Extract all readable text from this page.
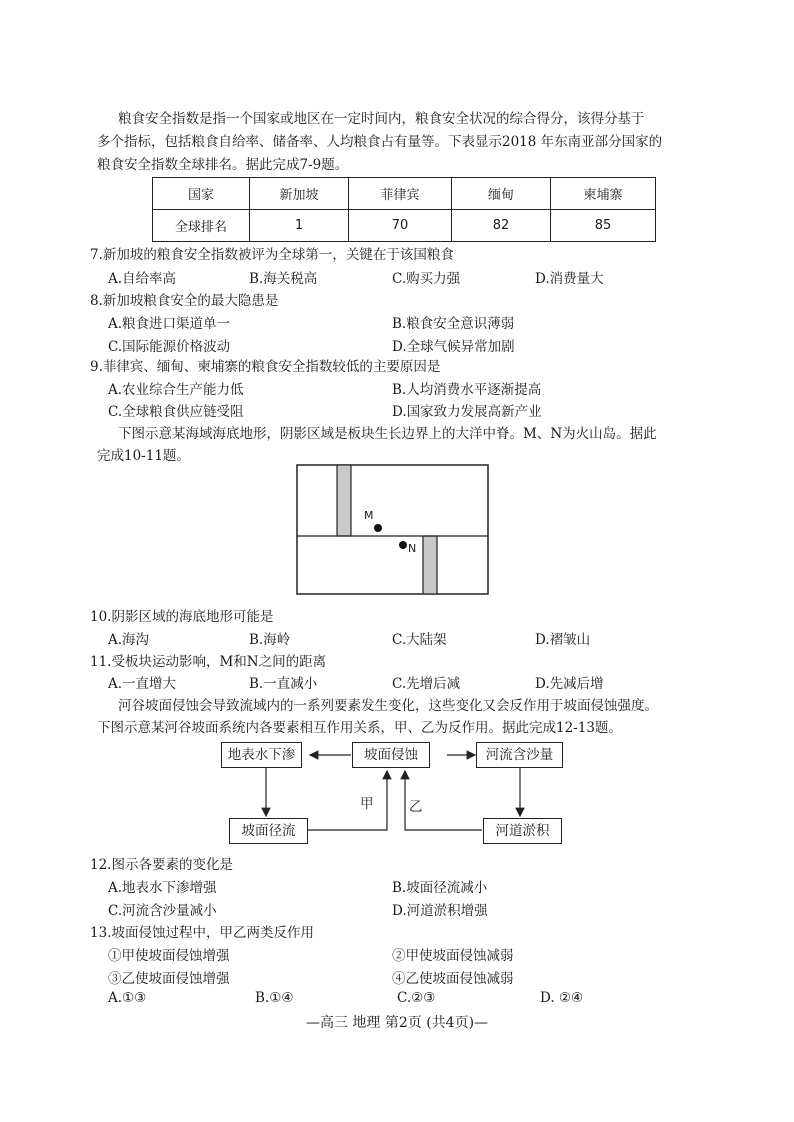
粮食安全指数是指一个国家或地区在一定时间内，粮食安全状况的综合得分，该得分基于
多个指标，包括粮食自给率、储备率、人均粮食占有量等。下表显示2018 年东南亚部分国家的
粮食安全指数全球排名。据此完成7-9题。
国家	新加坡	菲律宾	缅甸	柬埔寨
全球排名	1	70	82	85
7.新加坡的粮食安全指数被评为全球第一，关键在于该国粮食
A.自给率高	B.海关税高	C.购买力强	D.消费量大
8.新加坡粮食安全的最大隐患是
A.粮食进口渠道单一	B.粮食安全意识薄弱
C.国际能源价格波动	D.全球气候异常加剧
9.菲律宾、缅甸、柬埔寨的粮食安全指数较低的主要原因是
A.农业综合生产能力低	B.人均消费水平逐渐提高
C.全球粮食供应链受阻	D.国家致力发展高新产业
下图示意某海域海底地形，阴影区域是板块生长边界上的大洋中脊。M、N为火山岛。据此
完成10-11题。
M
N
10.阴影区域的海底地形可能是
A.海沟	B.海岭	C.大陆架	D.褶皱山
11.受板块运动影响，M和N之间的距离
A.一直增大	B.一直减小	C.先增后减	D.先减后增
河谷坡面侵蚀会导致流域内的一系列要素发生变化，这些变化又会反作用于坡面侵蚀强度。
下图示意某河谷坡面系统内各要素相互作用关系，甲、乙为反作用。据此完成12-13题。
地表水下渗	坡面侵蚀	河流含沙量
坡面径流	河道淤积
甲	乙
12.图示各要素的变化是
A.地表水下渗增强	B.坡面径流减小
C.河流含沙量减小	D.河道淤积增强
13.坡面侵蚀过程中，甲乙两类反作用
①甲使坡面侵蚀增强	②甲使坡面侵蚀减弱
③乙使坡面侵蚀增强	④乙使坡面侵蚀减弱
A.①③	B.①④	C.②③	D. ②④
—高三 地理 第2页 (共4页)—
